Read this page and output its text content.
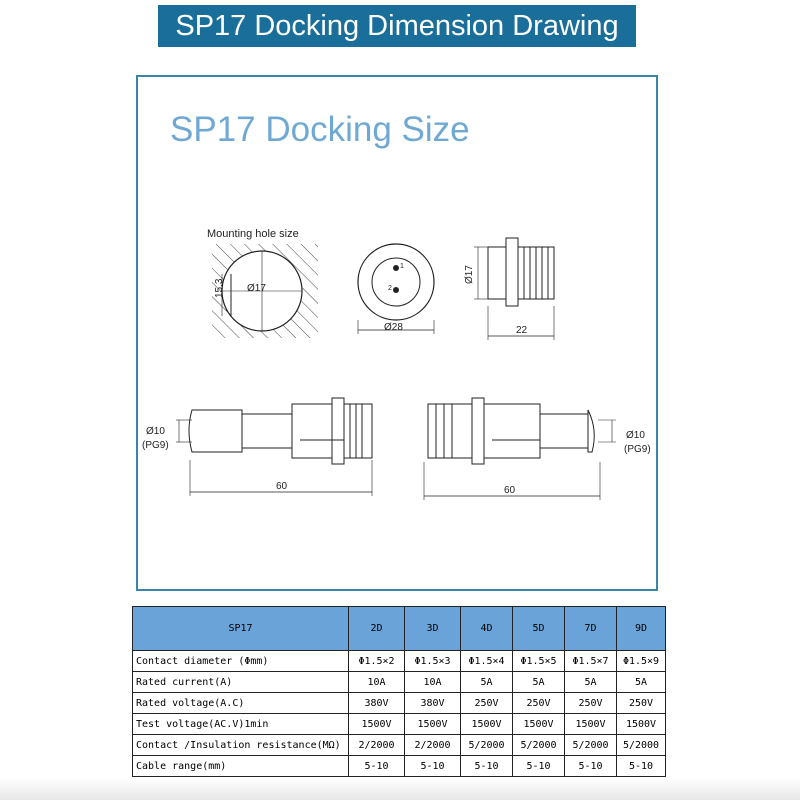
SP17 Docking Dimension Drawing
SP17 Docking Size
Mounting hole size
Ø17
15.3
1
2
Ø28
Ø17
22
Ø10
(PG9)
60
Ø10
(PG9)
60
SP17	2D	3D	4D	5D	7D	9D
Contact diameter (Φmm)	Φ1.5×2	Φ1.5×3	Φ1.5×4	Φ1.5×5	Φ1.5×7	Φ1.5×9
Rated current(A)	10A	10A	5A	5A	5A	5A
Rated voltage(A.C)	380V	380V	250V	250V	250V	250V
Test voltage(AC.V)1min	1500V	1500V	1500V	1500V	1500V	1500V
Contact /Insulation resistance(MΩ)	2/2000	2/2000	5/2000	5/2000	5/2000	5/2000
Cable range(mm)	5-10	5-10	5-10	5-10	5-10	5-10
